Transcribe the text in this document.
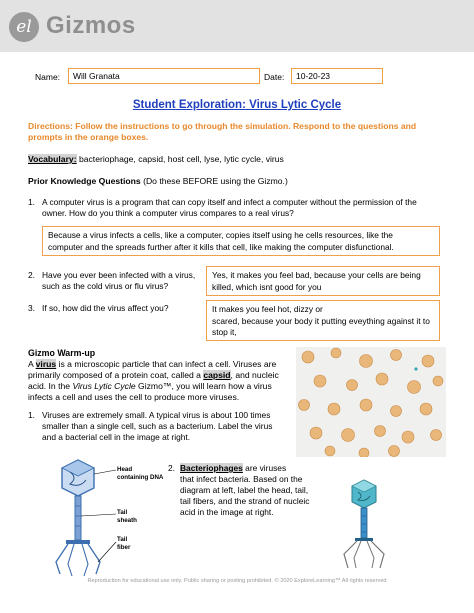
el Gizmos
Name:	Will Granata	Date:	10-20-23
Student Exploration: Virus Lytic Cycle
Directions: Follow the instructions to go through the simulation. Respond to the questions and prompts in the orange boxes.
Vocabulary: bacteriophage, capsid, host cell, lyse, lytic cycle, virus
Prior Knowledge Questions (Do these BEFORE using the Gizmo.)
1. A computer virus is a program that can copy itself and infect a computer without the permission of the
owner. How do you think a computer virus compares to a real virus?
Because a virus infects a cells, like a computer, copies itself using he cells resources, like the
computer and the spreads further after it kills that cell, like making the computer disfunctional.
2. Have you ever been infected with a virus,
such as the cold virus or flu virus?
Yes, it makes you feel bad, because your cells are being
killed, which isnt good for you
3. If so, how did the virus affect you?	It makes you feel hot, dizzy or
scared, because your body it putting eveything against it to
stop it,
Gizmo Warm-up
A virus is a microscopic particle that can infect a cell. Viruses are
primarily composed of a protein coat, called a capsid, and nucleic
acid. In the Virus Lytic Cycle Gizmo™, you will learn how a virus
infects a cell and uses the cell to produce more viruses.
1. Viruses are extremely small. A typical virus is about 100 times
smaller than a single cell, such as a bacterium. Label the virus
and a bacterial cell in the image at right.
Head
containing DNA
Tail
sheath
Tail
fiber
2. Bacteriophages are viruses
that infect bacteria. Based on the
diagram at left, label the head, tail,
tail fibers, and the strand of nucleic
acid in the image at right.
Reproduction for educational use only. Public sharing or posting prohibited. © 2020 ExploreLearning™ All rights reserved
